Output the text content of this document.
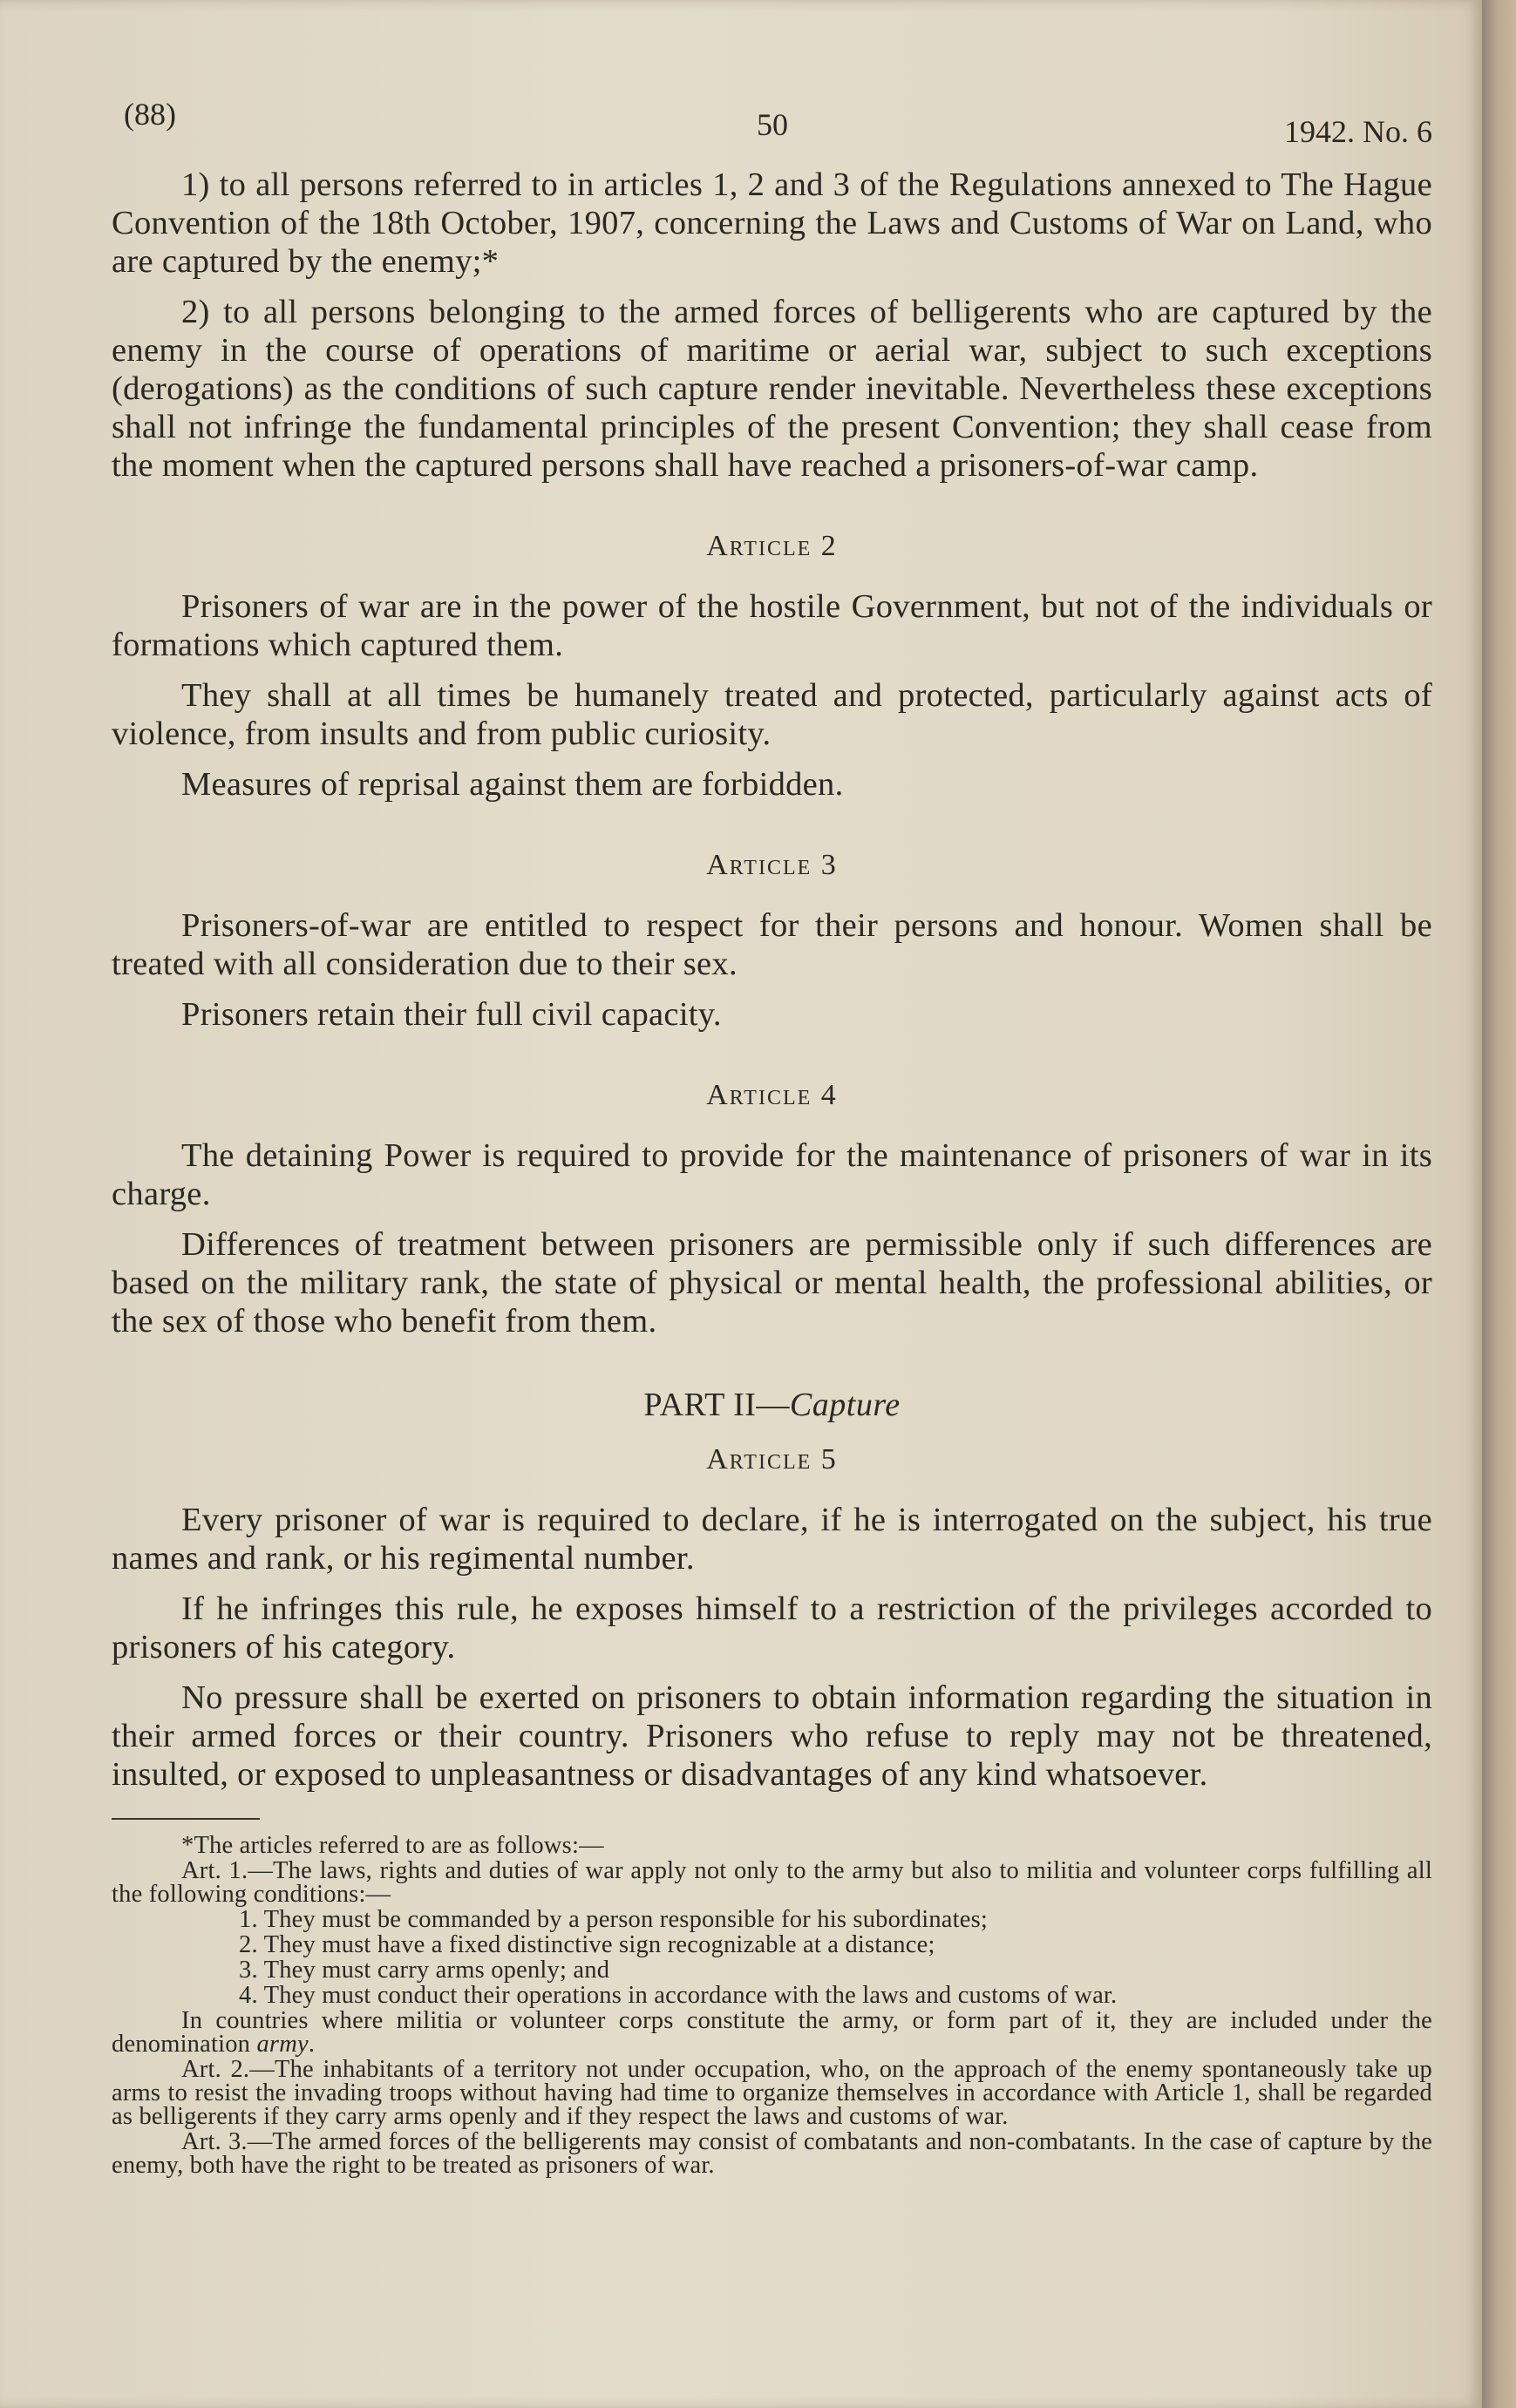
(88)	50	1942. No. 6

1) to all persons referred to in articles 1, 2 and 3 of the Regulations annexed to The Hague Convention of the 18th October, 1907, concerning the Laws and Customs of War on Land, who are captured by the enemy;*

2) to all persons belonging to the armed forces of belligerents who are captured by the enemy in the course of operations of maritime or aerial war, subject to such exceptions (derogations) as the conditions of such capture render inevitable. Nevertheless these exceptions shall not infringe the fundamental principles of the present Convention; they shall cease from the moment when the captured persons shall have reached a prisoners-of-war camp.

Article 2

Prisoners of war are in the power of the hostile Government, but not of the individuals or formations which captured them.

They shall at all times be humanely treated and protected, particularly against acts of violence, from insults and from public curiosity.

Measures of reprisal against them are forbidden.

Article 3

Prisoners-of-war are entitled to respect for their persons and honour. Women shall be treated with all consideration due to their sex.

Prisoners retain their full civil capacity.

Article 4

The detaining Power is required to provide for the maintenance of prisoners of war in its charge.

Differences of treatment between prisoners are permissible only if such differences are based on the military rank, the state of physical or mental health, the professional abilities, or the sex of those who benefit from them.

PART II—Capture
Article 5

Every prisoner of war is required to declare, if he is interrogated on the subject, his true names and rank, or his regimental number.

If he infringes this rule, he exposes himself to a restriction of the privileges accorded to prisoners of his category.

No pressure shall be exerted on prisoners to obtain information regarding the situation in their armed forces or their country. Prisoners who refuse to reply may not be threatened, insulted, or exposed to unpleasantness or disadvantages of any kind whatsoever.

*The articles referred to are as follows:—

Art. 1.—The laws, rights and duties of war apply not only to the army but also to militia and volunteer corps fulfilling all the following conditions:—

1. They must be commanded by a person responsible for his subordinates;

2. They must have a fixed distinctive sign recognizable at a distance;

3. They must carry arms openly; and

4. They must conduct their operations in accordance with the laws and customs of war.

In countries where militia or volunteer corps constitute the army, or form part of it, they are included under the denomination army.

Art. 2.—The inhabitants of a territory not under occupation, who, on the approach of the enemy spontaneously take up arms to resist the invading troops without having had time to organize themselves in accordance with Article 1, shall be regarded as belligerents if they carry arms openly and if they respect the laws and customs of war.

Art. 3.—The armed forces of the belligerents may consist of combatants and non-combatants. In the case of capture by the enemy, both have the right to be treated as prisoners of war.
